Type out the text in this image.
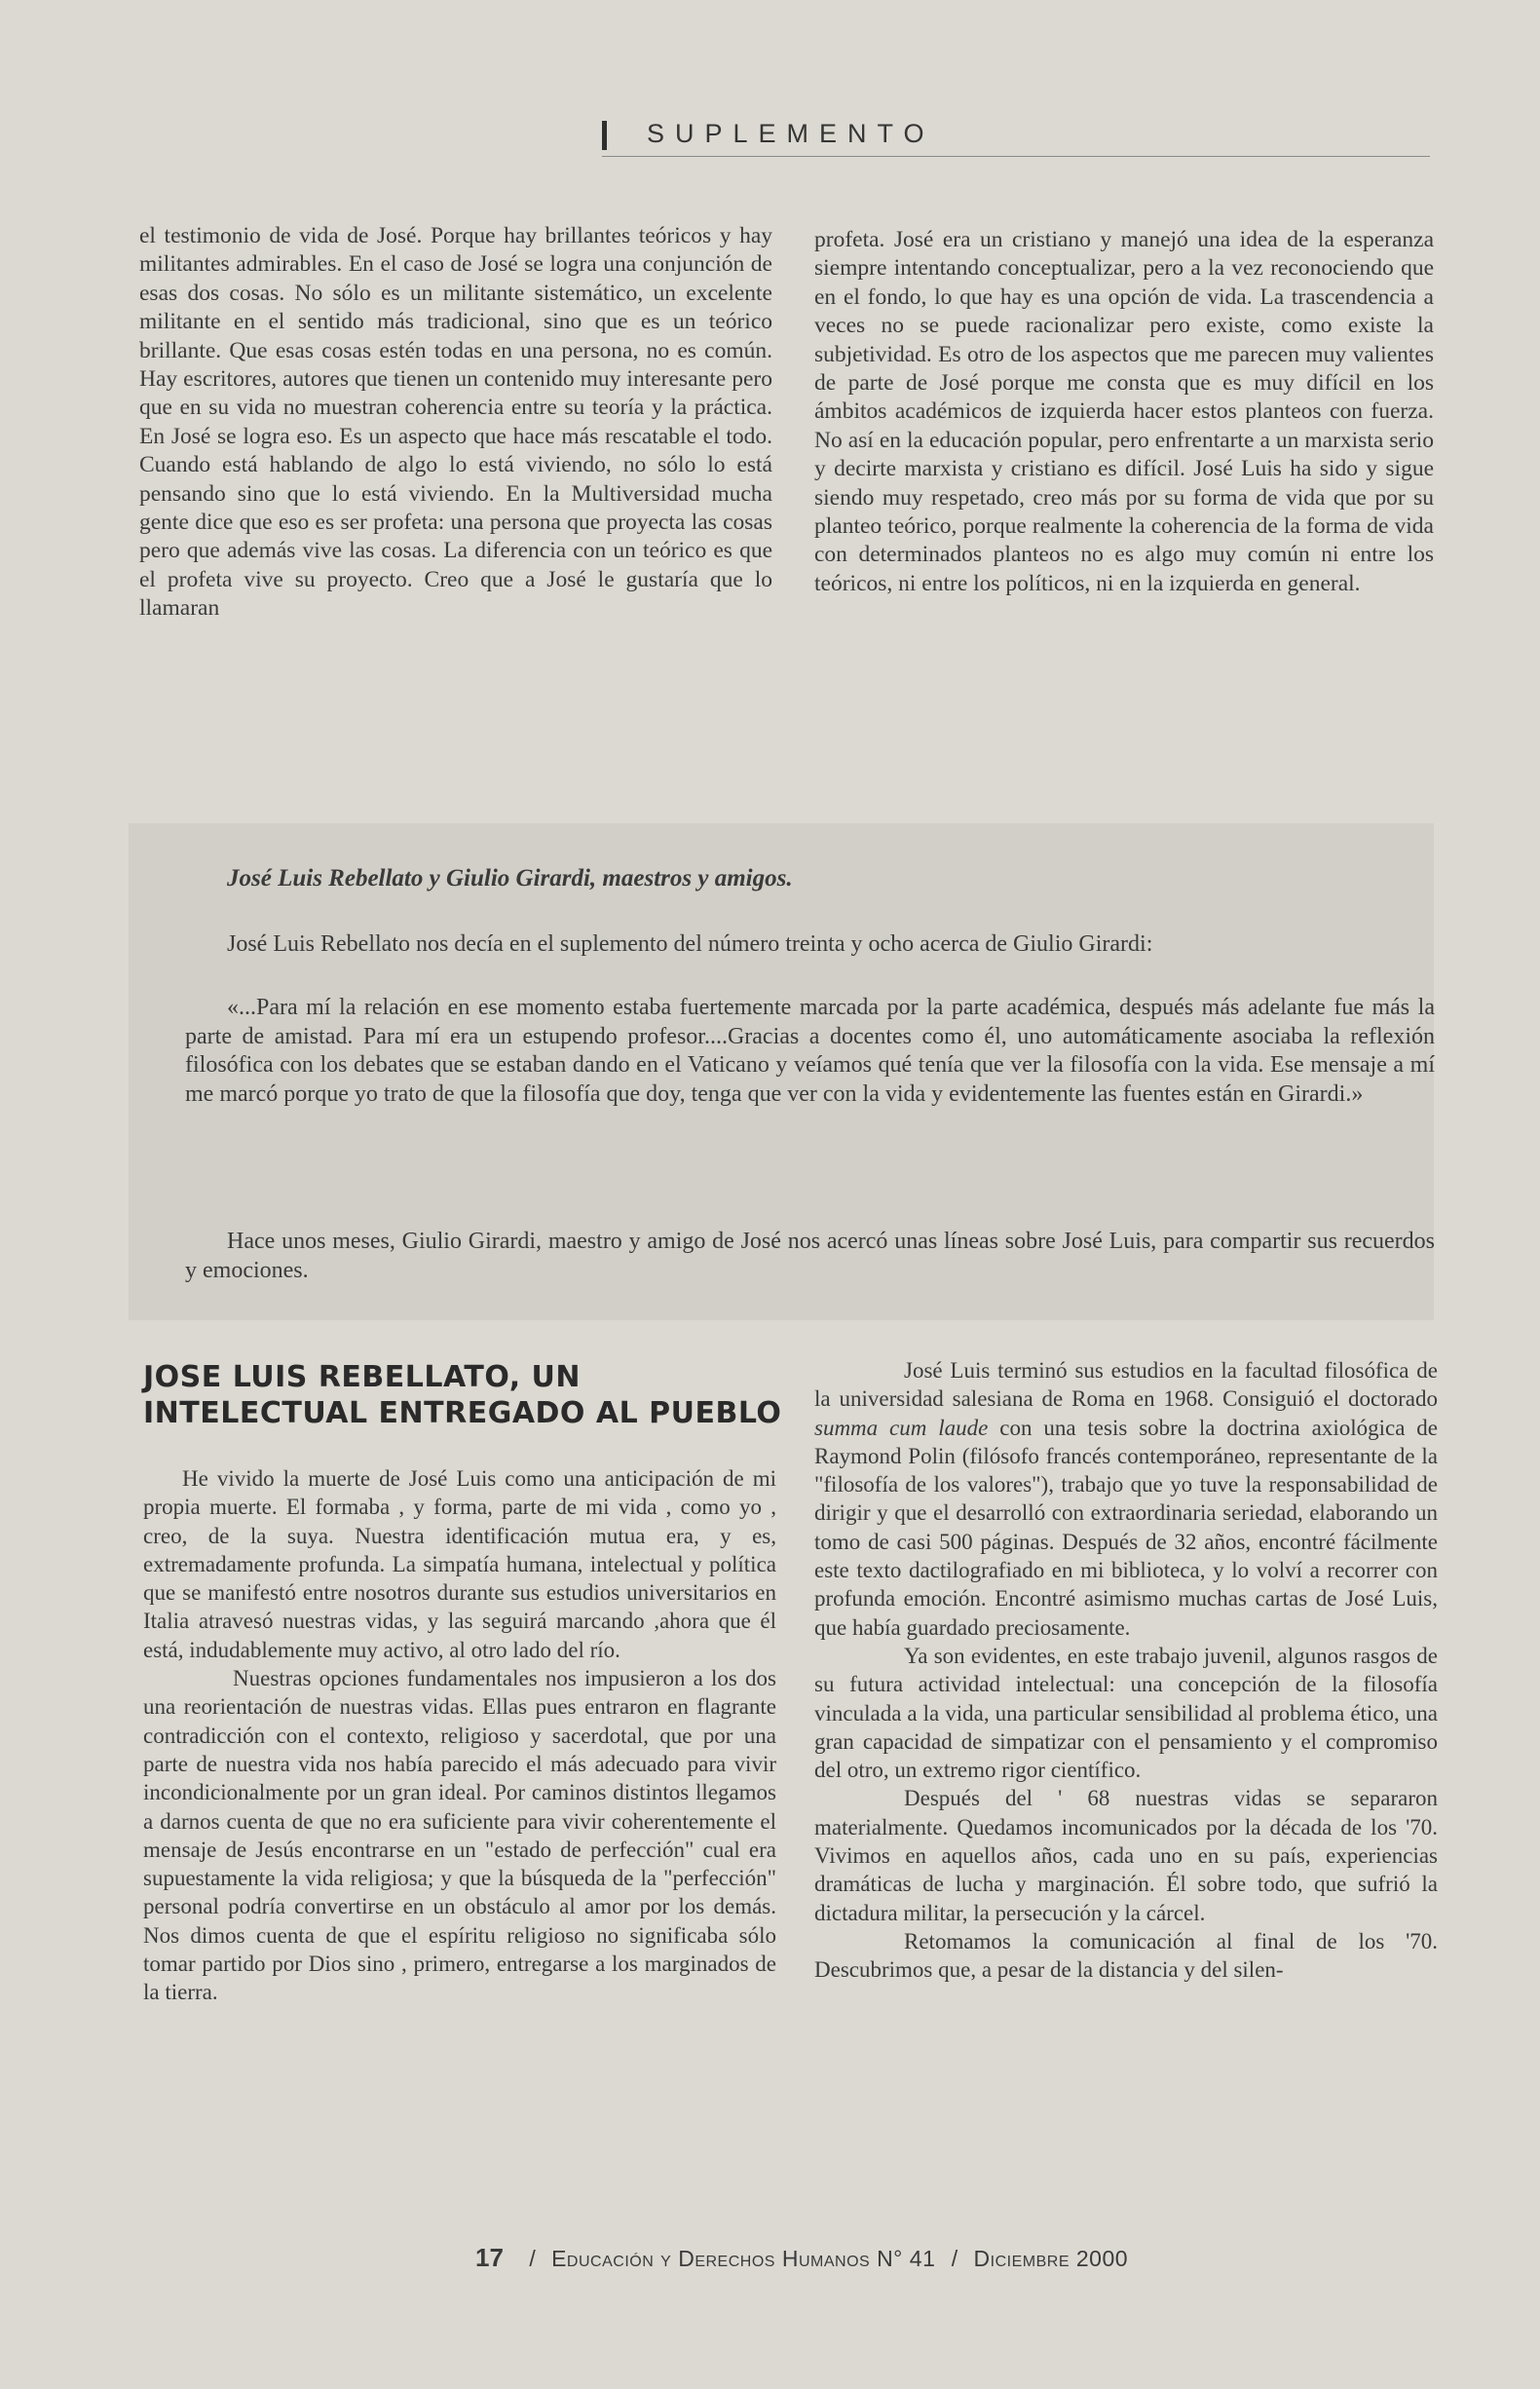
SUPLEMENTO

el testimonio de vida de José. Porque hay brillantes teóricos y hay militantes admirables. En el caso de José se logra una conjunción de esas dos cosas. No sólo es un militante sistemático, un excelente militante en el sentido más tradicional, sino que es un teórico brillante. Que esas cosas estén todas en una persona, no es común. Hay escritores, autores que tienen un contenido muy interesante pero que en su vida no muestran coherencia entre su teoría y la práctica. En José se logra eso. Es un aspecto que hace más rescatable el todo. Cuando está hablando de algo lo está viviendo, no sólo lo está pensando sino que lo está viviendo. En la Multiversidad mucha gente dice que eso es ser profeta: una persona que proyecta las cosas pero que además vive las cosas. La diferencia con un teórico es que el profeta vive su proyecto. Creo que a José le gustaría que lo llamaran

profeta. José era un cristiano y manejó una idea de la esperanza siempre intentando conceptualizar, pero a la vez reconociendo que en el fondo, lo que hay es una opción de vida. La trascendencia a veces no se puede racionalizar pero existe, como existe la subjetividad. Es otro de los aspectos que me parecen muy valientes de parte de José porque me consta que es muy difícil en los ámbitos académicos de izquierda hacer estos planteos con fuerza. No así en la educación popular, pero enfrentarte a un marxista serio y decirte marxista y cristiano es difícil. José Luis ha sido y sigue siendo muy respetado, creo más por su forma de vida que por su planteo teórico, porque realmente la coherencia de la forma de vida con determinados planteos no es algo muy común ni entre los teóricos, ni entre los políticos, ni en la izquierda en general.

José Luis Rebellato y Giulio Girardi, maestros y amigos.

José Luis Rebellato nos decía en el suplemento del número treinta y ocho acerca de Giulio Girardi:

«...Para mí la relación en ese momento estaba fuertemente marcada por la parte académica, después más adelante fue más la parte de amistad. Para mí era un estupendo profesor....Gracias a docentes como él, uno automáticamente asociaba la reflexión filosófica con los debates que se estaban dando en el Vaticano y veíamos qué tenía que ver la filosofía con la vida. Ese mensaje a mí me marcó porque yo trato de que la filosofía que doy, tenga que ver con la vida y evidentemente las fuentes están en Girardi.»

Hace unos meses, Giulio Girardi, maestro y amigo de José nos acercó unas líneas sobre José Luis, para compartir sus recuerdos y emociones.

JOSE LUIS REBELLATO, UN INTELECTUAL ENTREGADO AL PUEBLO

He vivido la muerte de José Luis como una anticipación de mi propia muerte. El formaba , y forma, parte de mi vida , como yo , creo, de la suya. Nuestra identificación mutua era, y es, extremadamente profunda. La simpatía humana, intelectual y política que se manifestó entre nosotros durante sus estudios universitarios en Italia atravesó nuestras vidas, y las seguirá marcando ,ahora que él está, indudablemente muy activo, al otro lado del río.

Nuestras opciones fundamentales nos impusieron a los dos una reorientación de nuestras vidas. Ellas pues entraron en flagrante contradicción con el contexto, religioso y sacerdotal, que por una parte de nuestra vida nos había parecido el más adecuado para vivir incondicionalmente por un gran ideal. Por caminos distintos llegamos a darnos cuenta de que no era suficiente para vivir coherentemente el mensaje de Jesús encontrarse en un "estado de perfección" cual era supuestamente la vida religiosa; y que la búsqueda de la "perfección" personal podría convertirse en un obstáculo al amor por los demás. Nos dimos cuenta de que el espíritu religioso no significaba sólo tomar partido por Dios sino , primero, entregarse a los marginados de la tierra.

José Luis terminó sus estudios en la facultad filosófica de la universidad salesiana de Roma en 1968. Consiguió el doctorado summa cum laude con una tesis sobre la doctrina axiológica de Raymond Polin (filósofo francés contemporáneo, representante de la "filosofía de los valores"), trabajo que yo tuve la responsabilidad de dirigir y que el desarrolló con extraordinaria seriedad, elaborando un tomo de casi 500 páginas. Después de 32 años, encontré fácilmente este texto dactilografiado en mi biblioteca, y lo volví a recorrer con profunda emoción. Encontré asimismo muchas cartas de José Luis, que había guardado preciosamente.

Ya son evidentes, en este trabajo juvenil, algunos rasgos de su futura actividad intelectual: una concepción de la filosofía vinculada a la vida, una particular sensibilidad al problema ético, una gran capacidad de simpatizar con el pensamiento y el compromiso del otro, un extremo rigor científico.

Después del ' 68 nuestras vidas se separaron materialmente. Quedamos incomunicados por la década de los '70. Vivimos en aquellos años, cada uno en su país, experiencias dramáticas de lucha y marginación. Él sobre todo, que sufrió la dictadura militar, la persecución y la cárcel.

Retomamos la comunicación al final de los '70. Descubrimos que, a pesar de la distancia y del silen-

17 / Educación y Derechos Humanos N° 41 / Diciembre 2000
